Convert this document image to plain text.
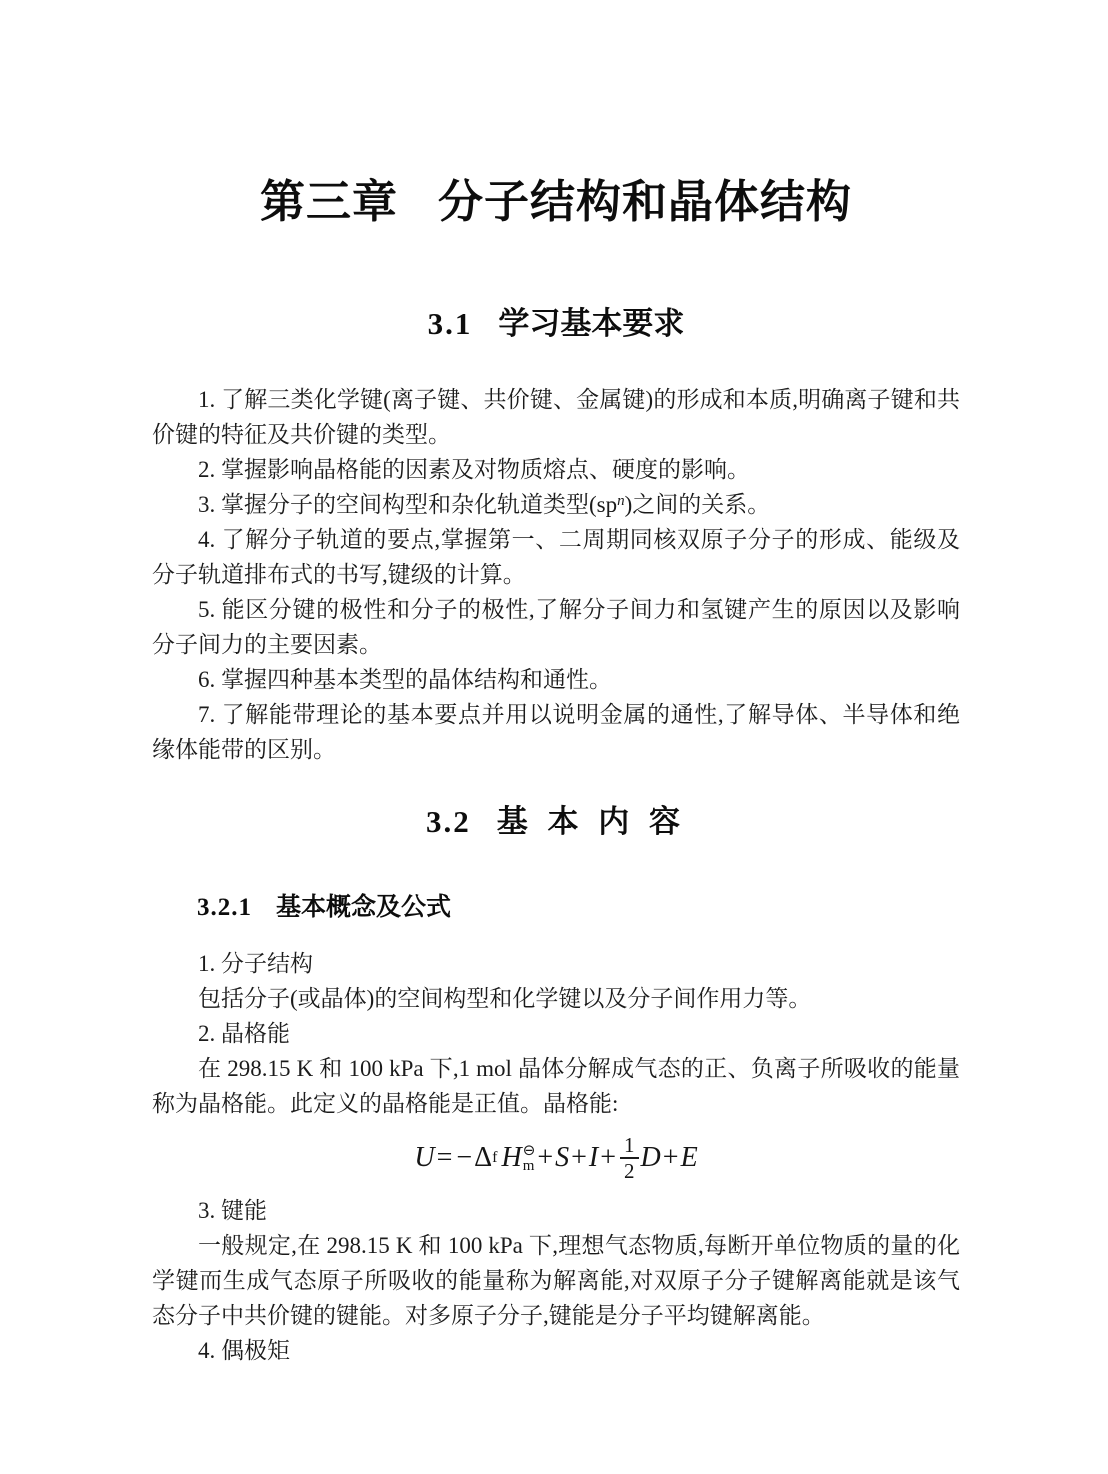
第三章 分子结构和晶体结构
3.1 学习基本要求

1. 了解三类化学键(离子键、共价键、金属键)的形成和本质,明确离子键和共价键的特征及共价键的类型。

2. 掌握影响晶格能的因素及对物质熔点、硬度的影响。

3. 掌握分子的空间构型和杂化轨道类型$(sp^n)$之间的关系。

4. 了解分子轨道的要点,掌握第一、二周期同核双原子分子的形成、能级及分子轨道排布式的书写,键级的计算。

5. 能区分键的极性和分子的极性,了解分子间力和氢键产生的原因以及影响分子间力的主要因素。

6. 掌握四种基本类型的晶体结构和通性。

7. 了解能带理论的基本要点并用以说明金属的通性,了解导体、半导体和绝缘体能带的区别。

3.2 基 本 内 容
3.2.1 基本概念及公式

1. 分子结构

包括分子(或晶体)的空间构型和化学键以及分子间作用力等。

2. 晶格能

在 298.15 K 和 100 kPa 下,1 mol 晶体分解成气态的正、负离子所吸收的能量称为晶格能。此定义的晶格能是正值。晶格能:

U = − Δ f H ⊖
$m + S + I + \frac{1}{2}$ D + E

3. 键能

一般规定,在 298.15 K 和 100 kPa 下,理想气态物质,每断开单位物质的量的化学键而生成气态原子所吸收的能量称为解离能,对双原子分子键解离能就是该气态分子中共价键的键能。对多原子分子,键能是分子平均键解离能。

4. 偶极矩
